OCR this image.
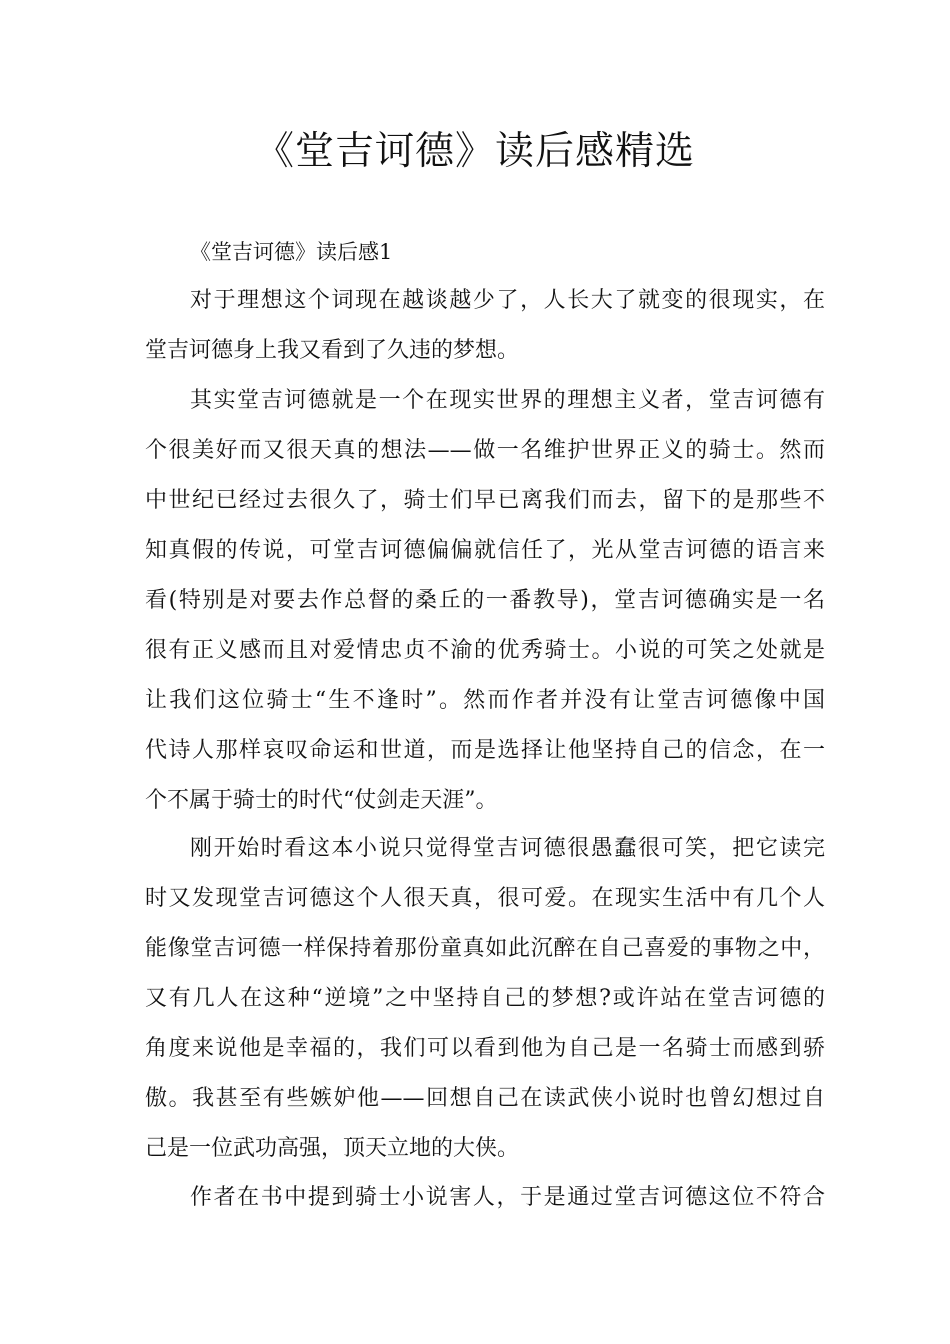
《堂吉诃德》读后感精选

《堂吉诃德》读后感1

对于理想这个词现在越谈越少了，人长大了就变的很现实，在
堂吉诃德身上我又看到了久违的梦想。

其实堂吉诃德就是一个在现实世界的理想主义者，堂吉诃德有
个很美好而又很天真的想法——做一名维护世界正义的骑士。然而
中世纪已经过去很久了，骑士们早已离我们而去，留下的是那些不
知真假的传说，可堂吉诃德偏偏就信任了，光从堂吉诃德的语言来
看(特别是对要去作总督的桑丘的一番教导)，堂吉诃德确实是一名
很有正义感而且对爱情忠贞不渝的优秀骑士。小说的可笑之处就是
让我们这位骑士“生不逢时”。然而作者并没有让堂吉诃德像中国
代诗人那样哀叹命运和世道，而是选择让他坚持自己的信念，在一
个不属于骑士的时代“仗剑走天涯”。

刚开始时看这本小说只觉得堂吉诃德很愚蠢很可笑，把它读完
时又发现堂吉诃德这个人很天真，很可爱。在现实生活中有几个人
能像堂吉诃德一样保持着那份童真如此沉醉在自己喜爱的事物之中，
又有几人在这种“逆境”之中坚持自己的梦想?或许站在堂吉诃德的
角度来说他是幸福的，我们可以看到他为自己是一名骑士而感到骄
傲。我甚至有些嫉妒他——回想自己在读武侠小说时也曾幻想过自
己是一位武功高强，顶天立地的大侠。

作者在书中提到骑士小说害人，于是通过堂吉诃德这位不符合
